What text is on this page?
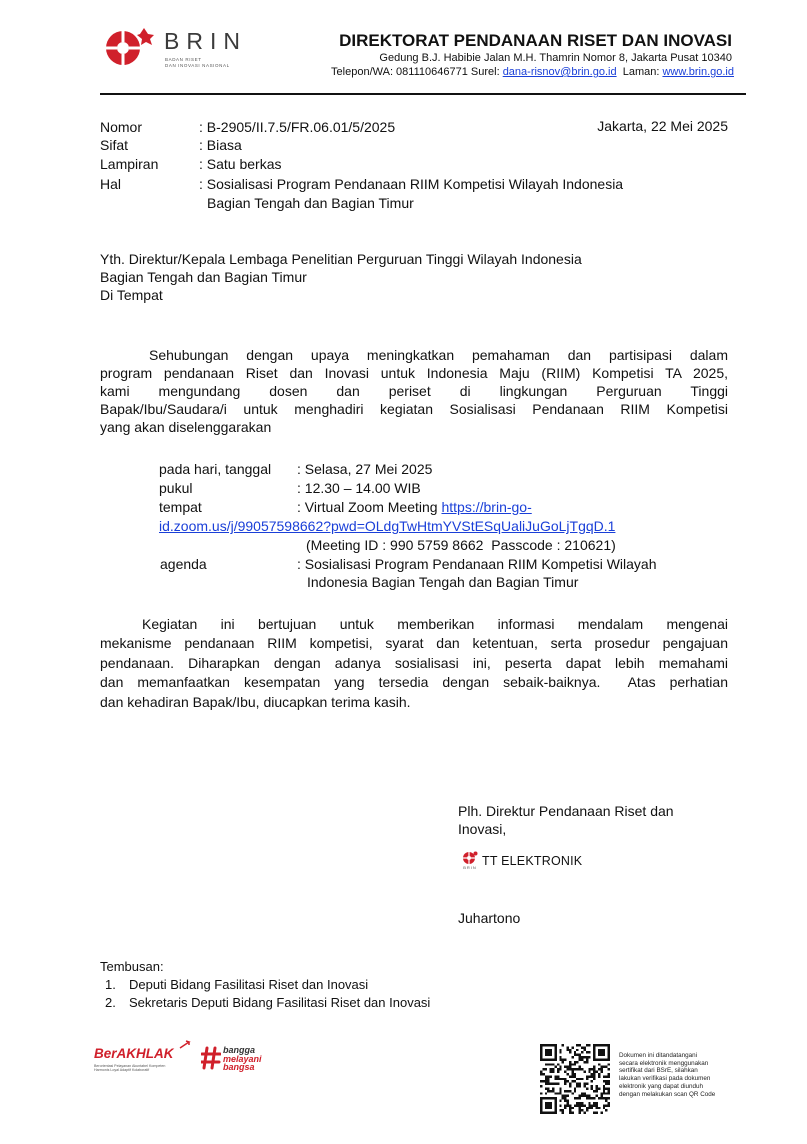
BRIN
BADAN RISET
DAN INOVASI NASIONAL
DIREKTORAT PENDANAAN RISET DAN INOVASI
Gedung B.J. Habibie Jalan M.H. Thamrin Nomor 8, Jakarta Pusat 10340
Telepon/WA: 081110646771 Surel: dana-risnov@brin.go.id  Laman: www.brin.go.id
Nomor	: B-2905/II.7.5/FR.06.01/5/2025	Jakarta, 22 Mei 2025
Sifat	: Biasa
Lampiran	: Satu berkas
Hal	: Sosialisasi Program Pendanaan RIIM Kompetisi Wilayah Indonesia
Bagian Tengah dan Bagian Timur
Yth. Direktur/Kepala Lembaga Penelitian Perguruan Tinggi Wilayah Indonesia
Bagian Tengah dan Bagian Timur
Di Tempat
Sehubungan dengan upaya meningkatkan pemahaman dan partisipasi dalam
program pendanaan Riset dan Inovasi untuk Indonesia Maju (RIIM) Kompetisi TA 2025,
kami mengundang dosen dan periset di lingkungan Perguruan Tinggi
Bapak/Ibu/Saudara/i untuk menghadiri kegiatan Sosialisasi Pendanaan RIIM Kompetisi
yang akan diselenggarakan
pada hari, tanggal : Selasa, 27 Mei 2025
pukul	: 12.30 – 14.00 WIB
tempat	: Virtual Zoom Meeting https://brin-go-
id.zoom.us/j/99057598662?pwd=OLdgTwHtmYVStESqUaliJuGoLjTgqD.1
(Meeting ID : 990 5759 8662  Passcode : 210621)
agenda	: Sosialisasi Program Pendanaan RIIM Kompetisi Wilayah
Indonesia Bagian Tengah dan Bagian Timur
Kegiatan ini bertujuan untuk memberikan informasi mendalam mengenai
mekanisme pendanaan RIIM kompetisi, syarat dan ketentuan, serta prosedur pengajuan
pendanaan. Diharapkan dengan adanya sosialisasi ini, peserta dapat lebih memahami
dan memanfaatkan kesempatan yang tersedia dengan sebaik-baiknya.  Atas perhatian
dan kehadiran Bapak/Ibu, diucapkan terima kasih.
Plh. Direktur Pendanaan Riset dan
Inovasi,
BRIN TT ELEKTRONIK
Juhartono
Tembusan:
1.	Deputi Bidang Fasilitasi Riset dan Inovasi
2.	Sekretaris Deputi Bidang Fasilitasi Riset dan Inovasi
BerAKHLAK
Berorientasi Pelayanan Akuntabel Kompeten
Harmonis Loyal Adaptif Kolaboratif
bangga
melayani
bangsa
Dokumen ini ditandatangani
secara elektronik menggunakan
sertifikat dari BSrE, silahkan
lakukan verifikasi pada dokumen
elektronik yang dapat diunduh
dengan melakukan scan QR Code
